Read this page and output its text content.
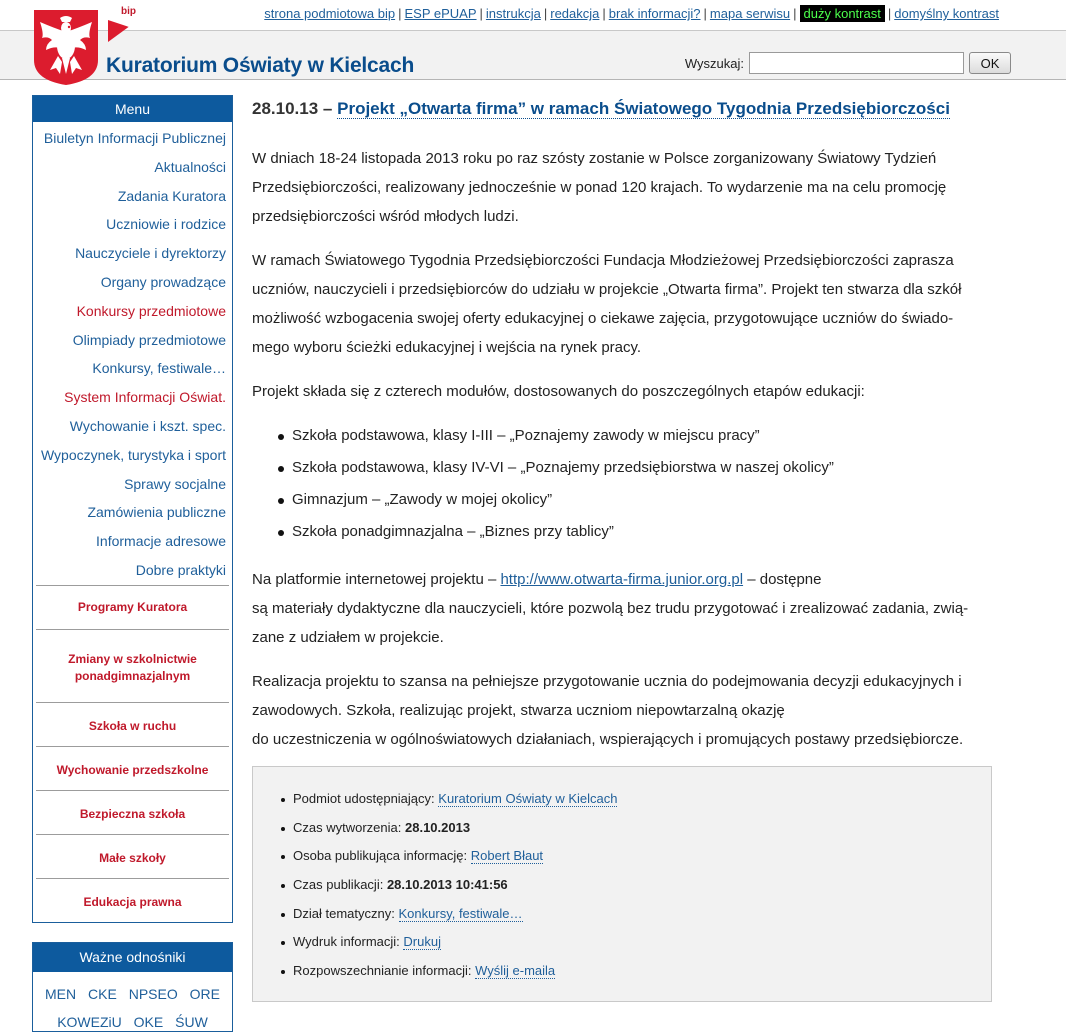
bip
Kuratorium Oświaty w Kielcach
strona podmiotowa bip | ESP ePUAP | instrukcja | redakcja | brak informacji? | mapa serwisu | duży kontrast | domyślny kontrast
Wyszukaj:	OK
Menu
Biuletyn Informacji Publicznej
Aktualności
Zadania Kuratora
Uczniowie i rodzice
Nauczyciele i dyrektorzy
Organy prowadzące
Konkursy przedmiotowe
Olimpiady przedmiotowe
Konkursy, festiwale…
System Informacji Oświat.
Wychowanie i kszt. spec.
Wypoczynek, turystyka i sport
Sprawy socjalne
Zamówienia publiczne
Informacje adresowe
Dobre praktyki
Programy Kuratora
Zmiany w szkolnictwie
ponadgimnazjalnym
Szkoła w ruchu
Wychowanie przedszkolne
Bezpieczna szkoła
Małe szkoły
Edukacja prawna
Ważne odnośniki
MEN CKE NPSEO ORE
KOWEZiU OKE ŚUW
28.10.13 – Projekt „Otwarta firma” w ramach Światowego Tygodnia Przedsiębiorczości
W dniach 18-24 listopada 2013 roku po raz szósty zostanie w Polsce zorganizowany Światowy Tydzień
Przedsiębiorczości, realizowany jednocześnie w ponad 120 krajach. To wydarzenie ma na celu promocję
przedsiębiorczości wśród młodych ludzi.
W ramach Światowego Tygodnia Przedsiębiorczości Fundacja Młodzieżowej Przedsiębiorczości zaprasza
uczniów, nauczycieli i przedsiębiorców do udziału w projekcie „Otwarta firma”. Projekt ten stwarza dla szkół
możliwość wzbogacenia swojej oferty edukacyjnej o ciekawe zajęcia, przygotowujące uczniów do świado-
mego wyboru ścieżki edukacyjnej i wejścia na rynek pracy.
Projekt składa się z czterech modułów, dostosowanych do poszczególnych etapów edukacji:
Szkoła podstawowa, klasy I-III – „Poznajemy zawody w miejscu pracy”
Szkoła podstawowa, klasy IV-VI – „Poznajemy przedsiębiorstwa w naszej okolicy”
Gimnazjum – „Zawody w mojej okolicy”
Szkoła ponadgimnazjalna – „Biznes przy tablicy”
Na platformie internetowej projektu – http://www.otwarta-firma.junior.org.pl – dostępne
są materiały dydaktyczne dla nauczycieli, które pozwolą bez trudu przygotować i zrealizować zadania, zwią-
zane z udziałem w projekcie.
Realizacja projektu to szansa na pełniejsze przygotowanie ucznia do podejmowania decyzji edukacyjnych i
zawodowych. Szkoła, realizując projekt, stwarza uczniom niepowtarzalną okazję
do uczestniczenia w ogólnoświatowych działaniach, wspierających i promujących postawy przedsiębiorcze.
Podmiot udostępniający: Kuratorium Oświaty w Kielcach
Czas wytworzenia: 28.10.2013
Osoba publikująca informację: Robert Błaut
Czas publikacji: 28.10.2013 10:41:56
Dział tematyczny: Konkursy, festiwale…
Wydruk informacji: Drukuj
Rozpowszechnianie informacji: Wyślij e-maila
